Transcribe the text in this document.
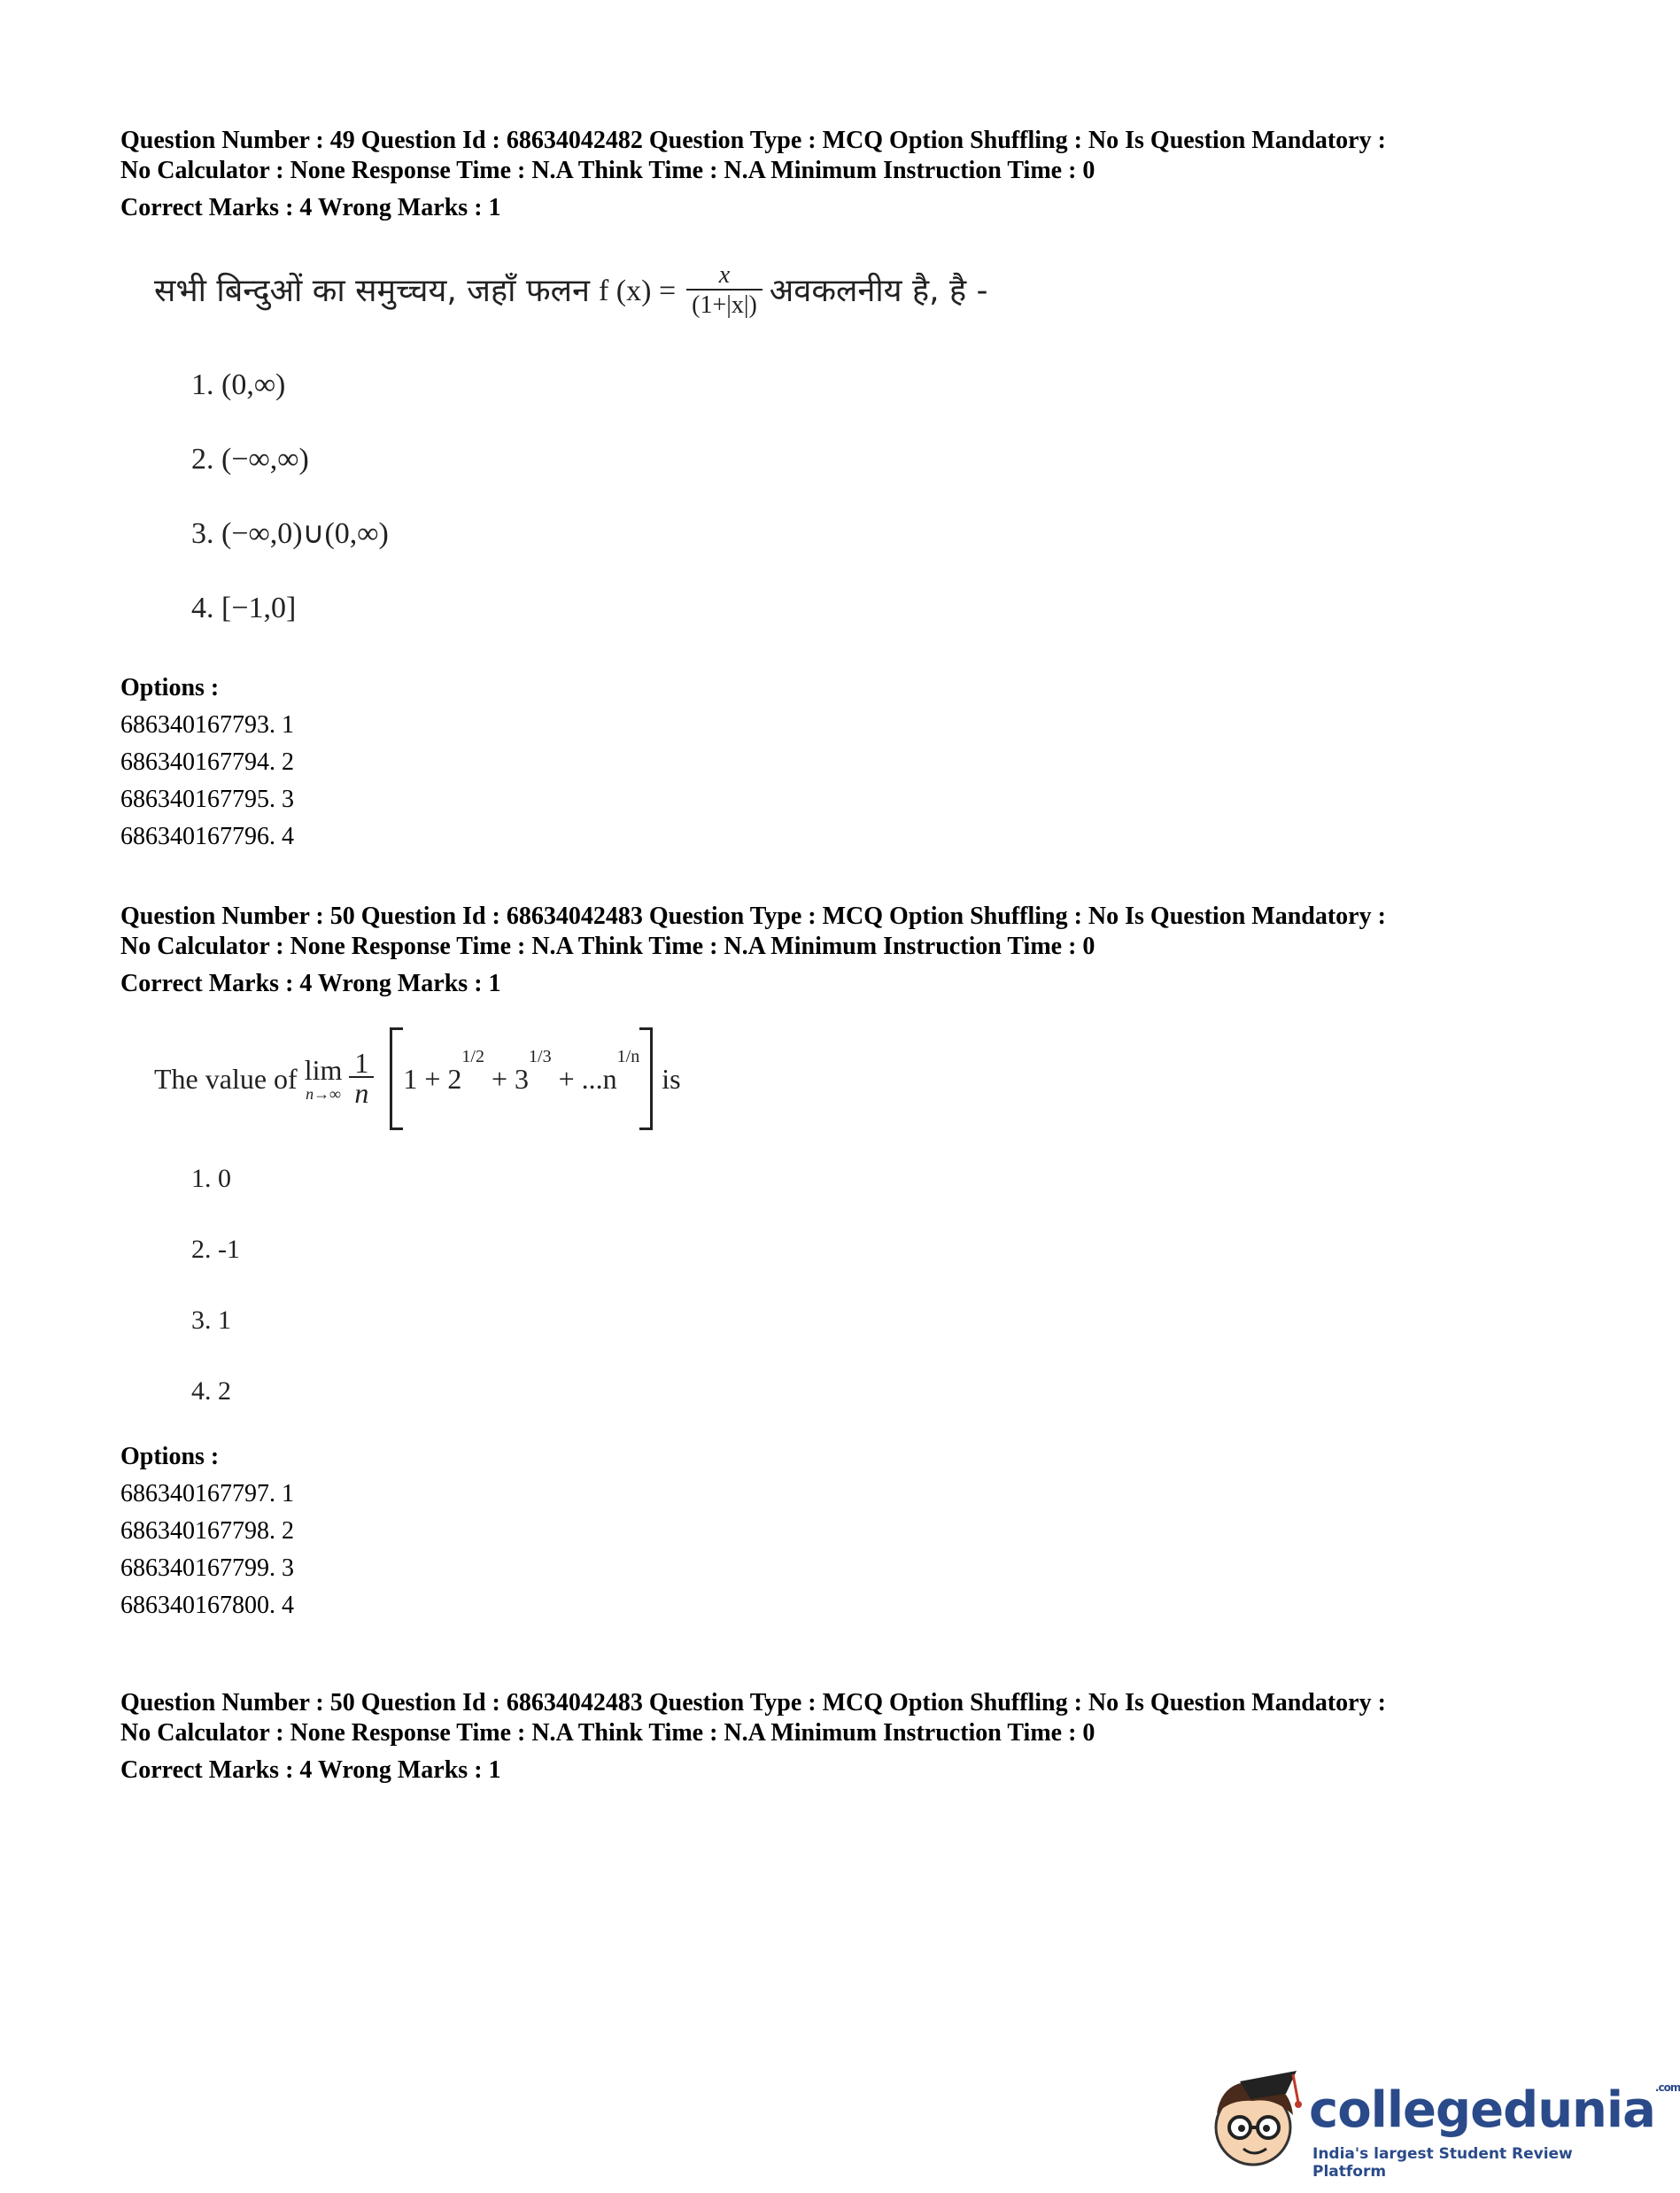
Question Number : 49 Question Id : 68634042482 Question Type : MCQ Option Shuffling : No Is Question Mandatory :

No Calculator : None Response Time : N.A Think Time : N.A Minimum Instruction Time : 0

Correct Marks : 4 Wrong Marks : 1
सभी बिन्दुओं का समुच्चय, जहाँ फलन f $(x) = \frac{x}{(1+|x|)}$ अवकलनीय है, है -
1. (0,∞)
2. (−∞,∞)
3. (−∞,0)∪(0,∞)
4. [−1,0]
Options :
686340167793. 1
686340167794. 2
686340167795. 3
686340167796. 4

Question Number : 50 Question Id : 68634042483 Question Type : MCQ Option Shuffling : No Is Question Mandatory :

No Calculator : None Response Time : N.A Think Time : N.A Minimum Instruction Time : 0

Correct Marks : 4 Wrong Marks : 1
The value of lim
$n\to\infty \frac{1}{n} 1 + 2^{1/2}$

+ $3^{1/3}$

+ $...n^{1/n}$
is
1. 0
2. -1
3. 1
4. 2
Options :
686340167797. 1
686340167798. 2
686340167799. 3
686340167800. 4

Question Number : 50 Question Id : 68634042483 Question Type : MCQ Option Shuffling : No Is Question Mandatory :

No Calculator : None Response Time : N.A Think Time : N.A Minimum Instruction Time : 0

Correct Marks : 4 Wrong Marks : 1
collegedunia$^{.com}$
India's largest Student Review Platform
